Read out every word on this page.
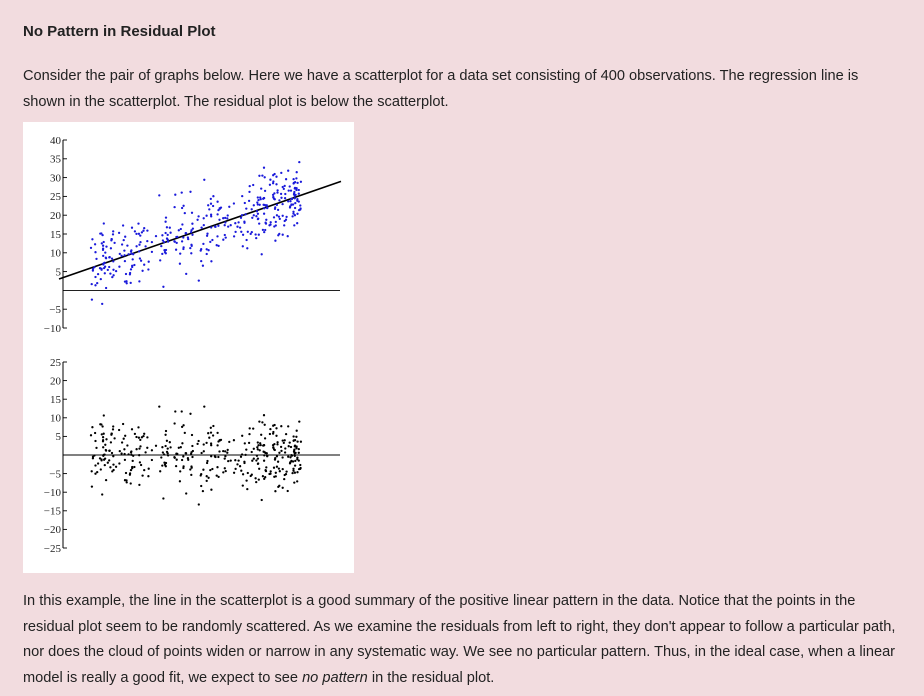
No Pattern in Residual Plot

Consider the pair of graphs below. Here we have a scatterplot for a data set consisting of 400 observations. The regression line is shown in the scatterplot. The residual plot is below the scatterplot.

40
35
30
25
20
15
10
5
−5
−10
25
20
15
10
5
−5
−10
−15
−20
−25

In this example, the line in the scatterplot is a good summary of the positive linear pattern in the data. Notice that the points in the residual plot seem to be randomly scattered. As we examine the residuals from left to right, they don't appear to follow a particular path, nor does the cloud of points widen or narrow in any systematic way. We see no particular pattern. Thus, in the ideal case, when a linear model is really a good fit, we expect to see no pattern in the residual plot.
